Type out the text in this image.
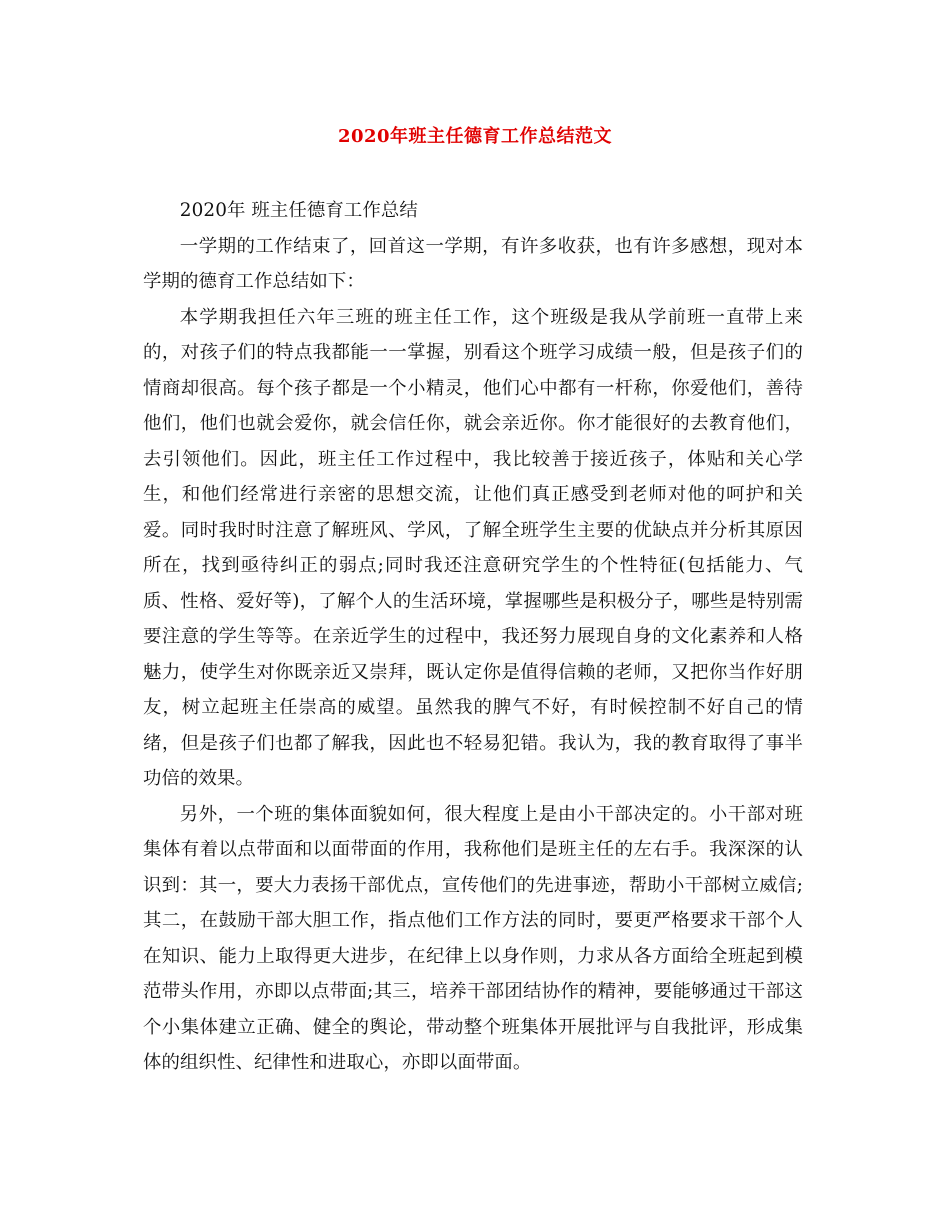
2020年班主任德育工作总结范文

2020年 班主任德育工作总结

一学期的工作结束了，回首这一学期，有许多收获，也有许多感想，现对本学期的德育工作总结如下：

本学期我担任六年三班的班主任工作，这个班级是我从学前班一直带上来的，对孩子们的特点我都能一一掌握，别看这个班学习成绩一般，但是孩子们的情商却很高。每个孩子都是一个小精灵，他们心中都有一杆称，你爱他们，善待他们，他们也就会爱你，就会信任你，就会亲近你。你才能很好的去教育他们，去引领他们。因此，班主任工作过程中，我比较善于接近孩子，体贴和关心学生，和他们经常进行亲密的思想交流，让他们真正感受到老师对他的呵护和关爱。同时我时时注意了解班风、学风，了解全班学生主要的优缺点并分析其原因所在，找到亟待纠正的弱点;同时我还注意研究学生的个性特征(包括能力、气质、性格、爱好等)，了解个人的生活环境，掌握哪些是积极分子，哪些是特别需要注意的学生等等。在亲近学生的过程中，我还努力展现自身的文化素养和人格魅力，使学生对你既亲近又崇拜，既认定你是值得信赖的老师，又把你当作好朋友，树立起班主任崇高的威望。虽然我的脾气不好，有时候控制不好自己的情绪，但是孩子们也都了解我，因此也不轻易犯错。我认为，我的教育取得了事半功倍的效果。

另外，一个班的集体面貌如何，很大程度上是由小干部决定的。小干部对班集体有着以点带面和以面带面的作用，我称他们是班主任的左右手。我深深的认识到：其一，要大力表扬干部优点，宣传他们的先进事迹，帮助小干部树立威信;其二，在鼓励干部大胆工作，指点他们工作方法的同时，要更严格要求干部个人在知识、能力上取得更大进步，在纪律上以身作则，力求从各方面给全班起到模范带头作用，亦即以点带面;其三，培养干部团结协作的精神，要能够通过干部这个小集体建立正确、健全的舆论，带动整个班集体开展批评与自我批评，形成集体的组织性、纪律性和进取心，亦即以面带面。
